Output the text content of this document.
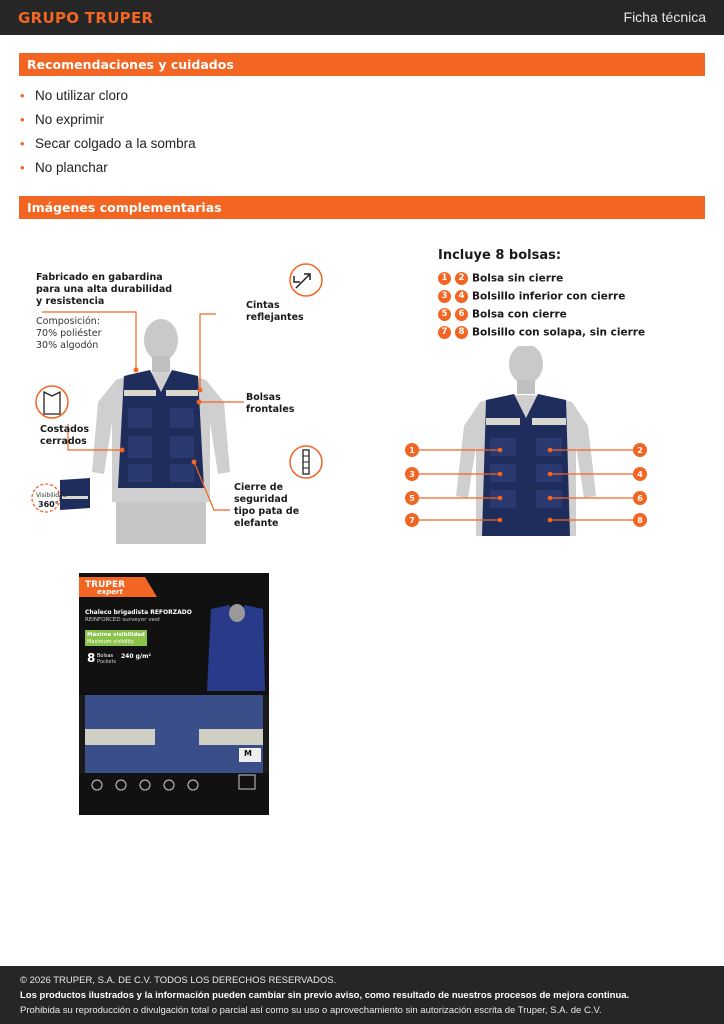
GRUPO TRUPER	Ficha técnica
Recomendaciones y cuidados
• No utilizar cloro
• No exprimir
• Secar colgado a la sombra
• No planchar
Imágenes complementarias
Fabricado en gabardina
para una alta durabilidad
y resistencia
Composición:
70% poliéster
30% algodón
Cintas reflejantes
Bolsas frontales
Costados
cerrados
Cierre de seguridad
tipo pata de elefante
Visibilidad
360°
Incluye 8 bolsas:
1 2 Bolsa sin cierre
3 4 Bolsillo inferior con cierre
5 6 Bolsa con cierre
7 8 Bolsillo con solapa, sin cierre
1
3
5
7
2
4
6
8
TRUPER
expert
Chaleco brigadista REFORZADO
REINFORCED surveyor vest
Máxima visibilidad
Maximum visibility
8 Bolsas
Pockets
240 g/m²
M
© 2026 TRUPER, S.A. DE C.V. TODOS LOS DERECHOS RESERVADOS.
Los productos ilustrados y la información pueden cambiar sin previo aviso, como resultado de nuestros procesos de mejora continua.
Prohibida su reproducción o divulgación total o parcial así como su uso o aprovechamiento sin autorización escrita de Truper, S.A. de C.V.
